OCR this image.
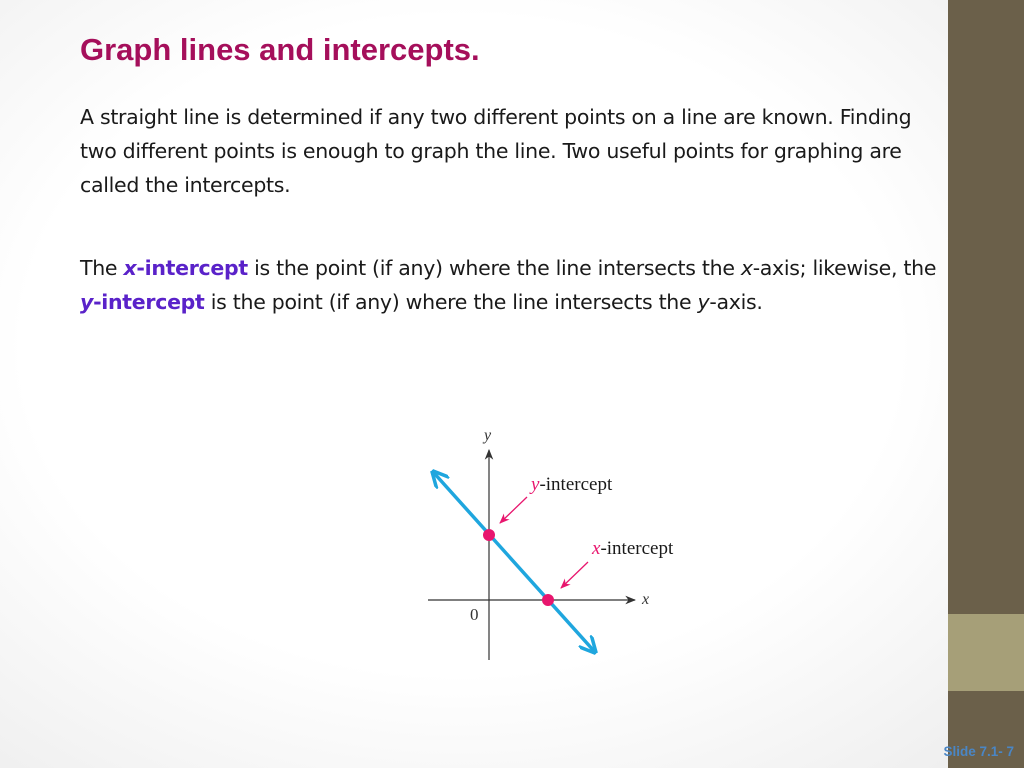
Graph lines and intercepts.

A straight line is determined if any two different points on a line are known. Finding two different points is enough to graph the line. Two useful points for graphing are called the intercepts.

The x-intercept is the point (if any) where the line intersects the x-axis; likewise, the y-intercept is the point (if any) where the line intersects the y-axis.

y
x
0
y-intercept
x-intercept
Slide 7.1- 7
